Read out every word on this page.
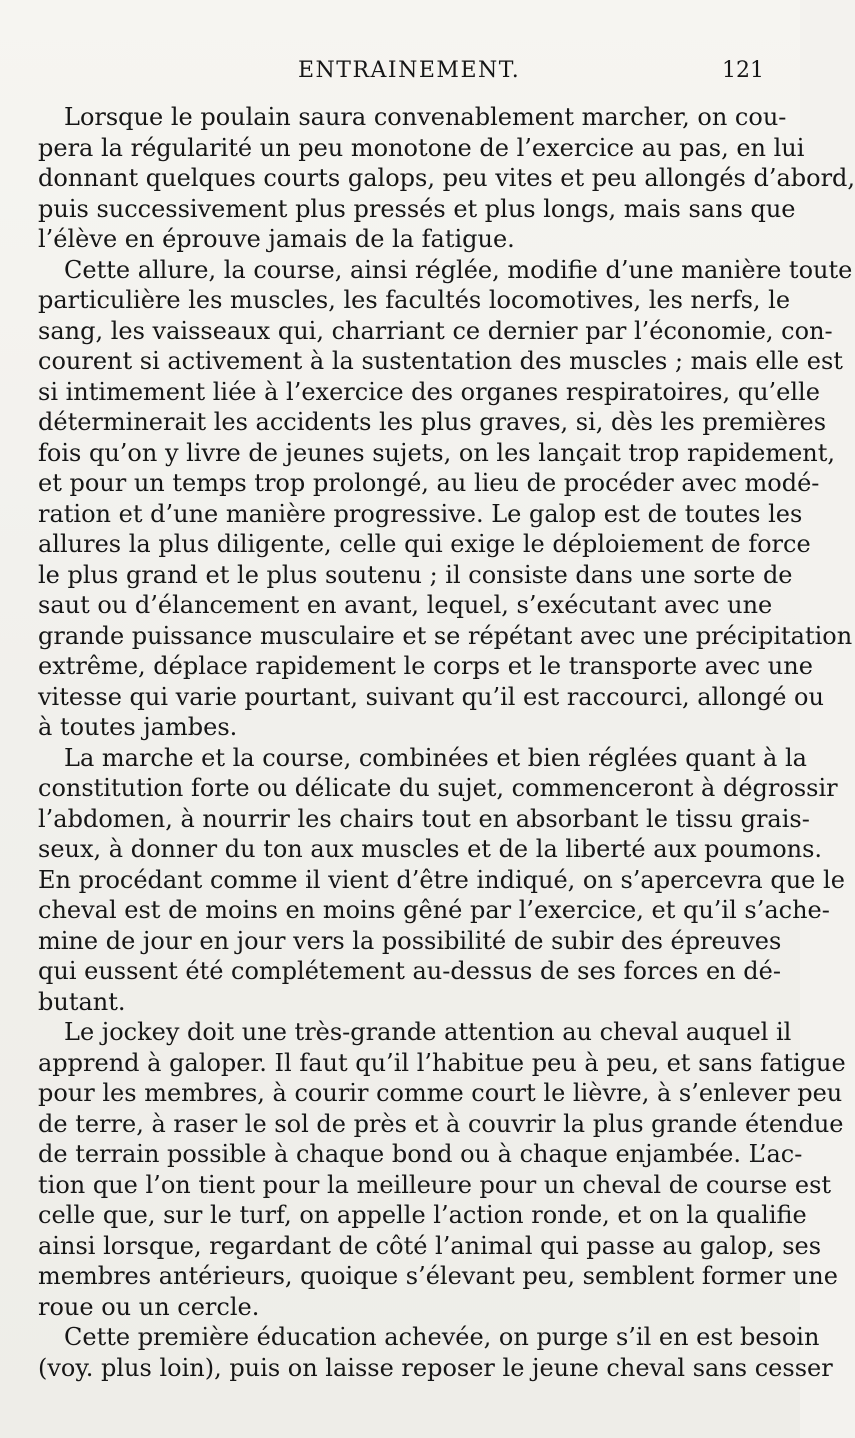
ENTRAINEMENT.	121
Lorsque le poulain saura convenablement marcher, on cou-
pera la régularité un peu monotone de l’exercice au pas, en lui
donnant quelques courts galops, peu vites et peu allongés d’abord,
puis successivement plus pressés et plus longs, mais sans que
l’élève en éprouve jamais de la fatigue.
Cette allure, la course, ainsi réglée, modifie d’une manière toute
particulière les muscles, les facultés locomotives, les nerfs, le
sang, les vaisseaux qui, charriant ce dernier par l’économie, con-
courent si activement à la sustentation des muscles ; mais elle est
si intimement liée à l’exercice des organes respiratoires, qu’elle
déterminerait les accidents les plus graves, si, dès les premières
fois qu’on y livre de jeunes sujets, on les lançait trop rapidement,
et pour un temps trop prolongé, au lieu de procéder avec modé-
ration et d’une manière progressive. Le galop est de toutes les
allures la plus diligente, celle qui exige le déploiement de force
le plus grand et le plus soutenu ; il consiste dans une sorte de
saut ou d’élancement en avant, lequel, s’exécutant avec une
grande puissance musculaire et se répétant avec une précipitation
extrême, déplace rapidement le corps et le transporte avec une
vitesse qui varie pourtant, suivant qu’il est raccourci, allongé ou
à toutes jambes.
La marche et la course, combinées et bien réglées quant à la
constitution forte ou délicate du sujet, commenceront à dégrossir
l’abdomen, à nourrir les chairs tout en absorbant le tissu grais-
seux, à donner du ton aux muscles et de la liberté aux poumons.
En procédant comme il vient d’être indiqué, on s’apercevra que le
cheval est de moins en moins gêné par l’exercice, et qu’il s’ache-
mine de jour en jour vers la possibilité de subir des épreuves
qui eussent été complétement au-dessus de ses forces en dé-
butant.
Le jockey doit une très-grande attention au cheval auquel il
apprend à galoper. Il faut qu’il l’habitue peu à peu, et sans fatigue
pour les membres, à courir comme court le lièvre, à s’enlever peu
de terre, à raser le sol de près et à couvrir la plus grande étendue
de terrain possible à chaque bond ou à chaque enjambée. L’ac-
tion que l’on tient pour la meilleure pour un cheval de course est
celle que, sur le turf, on appelle l’action ronde, et on la qualifie
ainsi lorsque, regardant de côté l’animal qui passe au galop, ses
membres antérieurs, quoique s’élevant peu, semblent former une
roue ou un cercle.
Cette première éducation achevée, on purge s’il en est besoin
(voy. plus loin), puis on laisse reposer le jeune cheval sans cesser
